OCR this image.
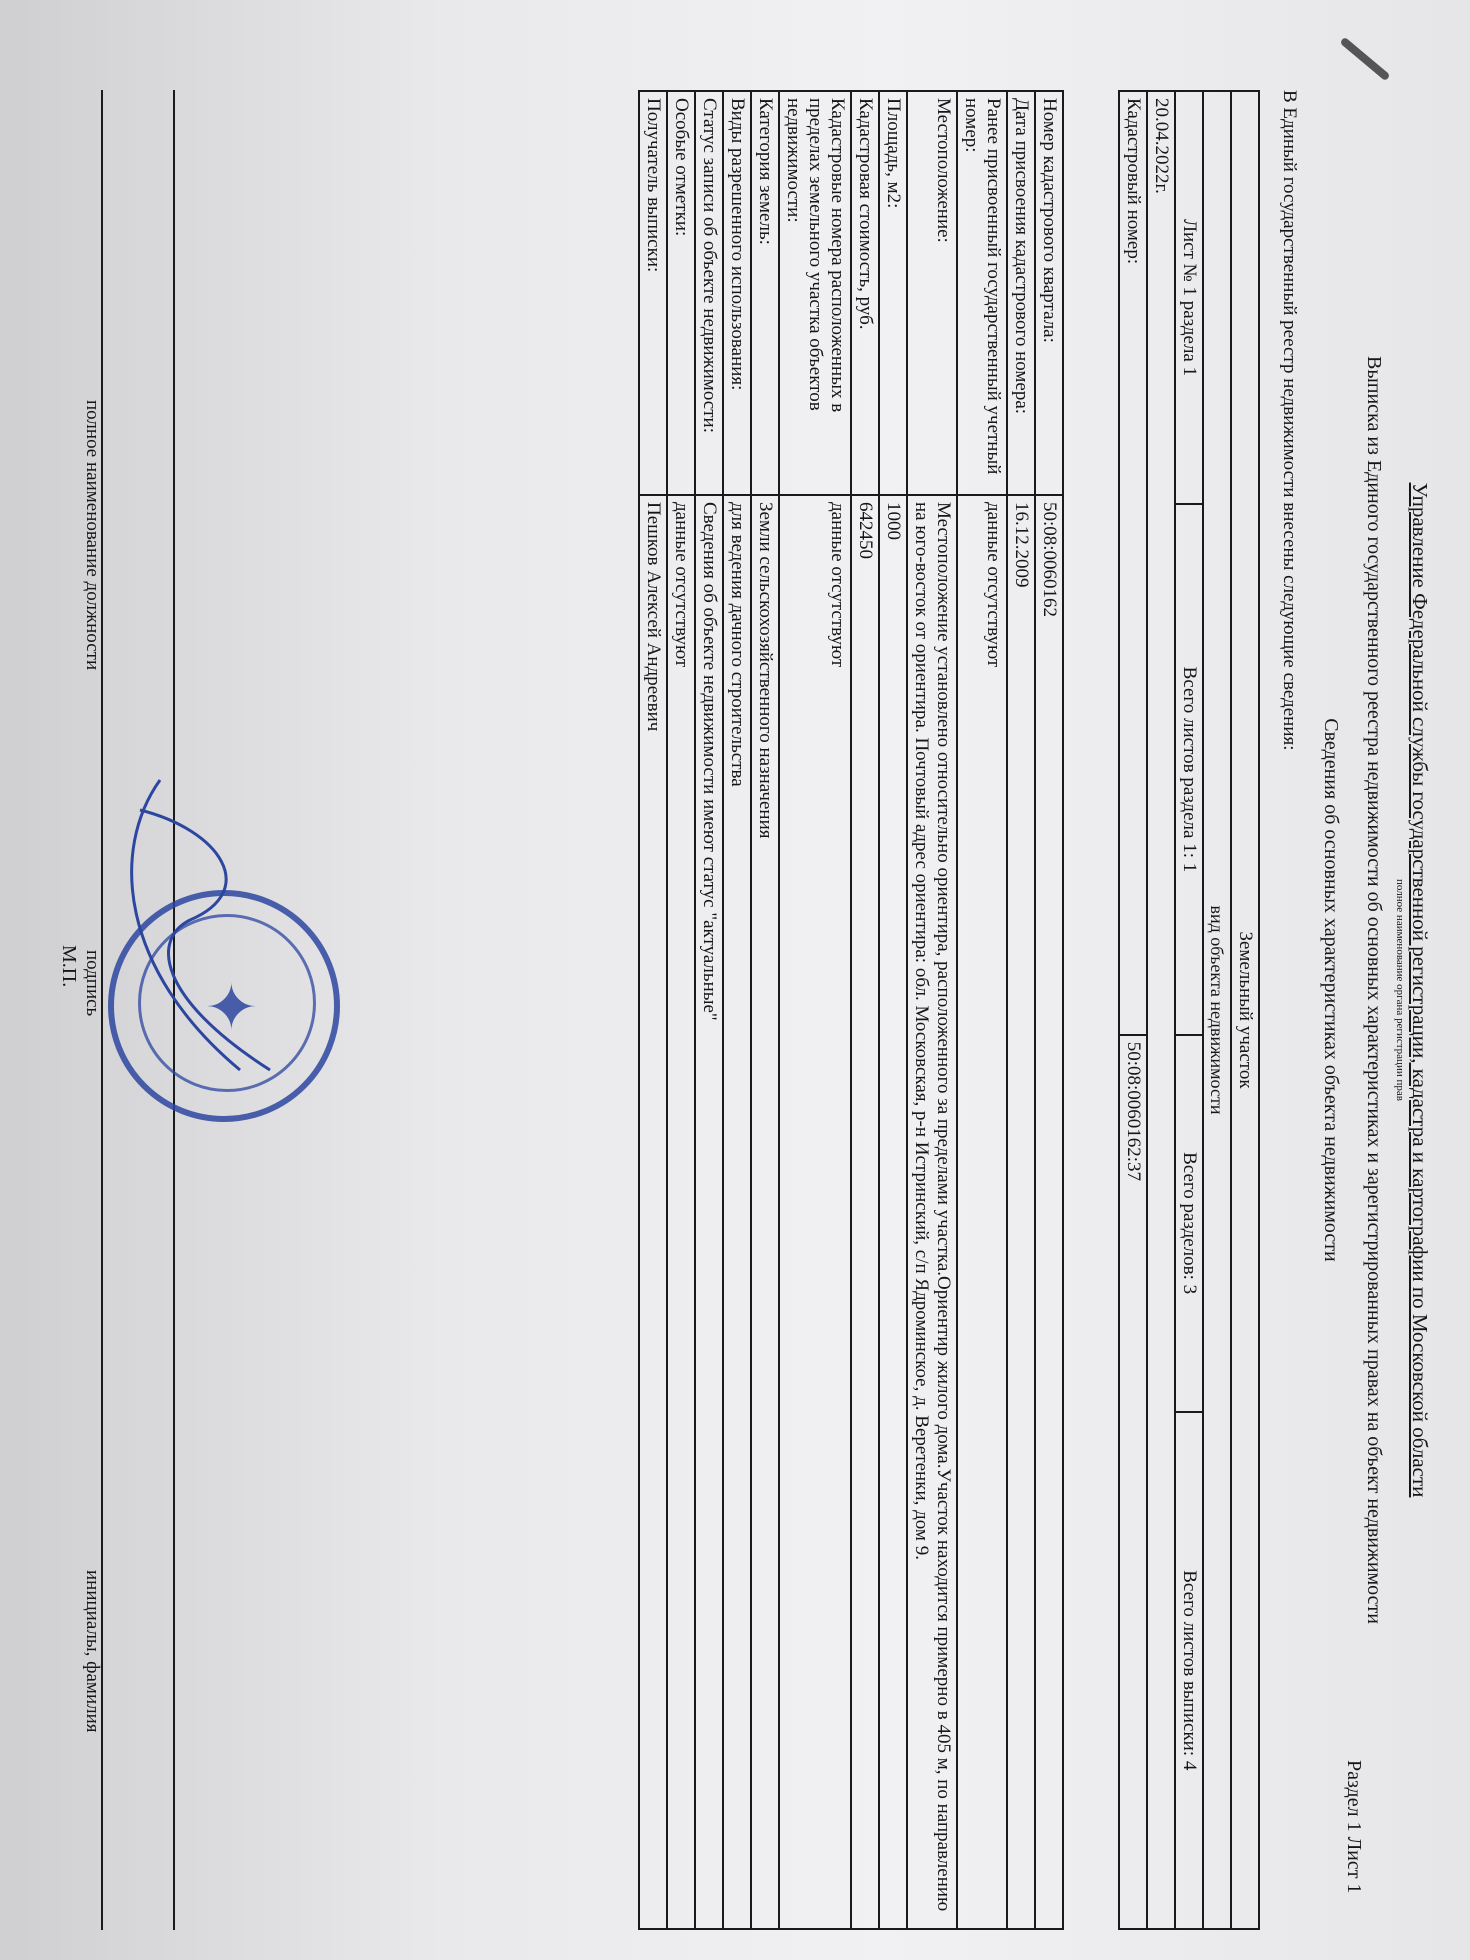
Управление Федеральной службы государственной регистрации, кадастра и картографии по Московской области
полное наименование органа регистрации прав
Выписка из Единого государственного реестра недвижимости об основных характеристиках и зарегистрированных правах на объект недвижимости
Раздел 1 Лист 1
Сведения об основных характеристиках объекта недвижимости
В Единый государственный реестр недвижимости внесены следующие сведения:
Земельный участок			
вид объекта недвижимости			
Лист № 1 раздела 1	Всего листов раздела 1: 1	Всего разделов: 3	Всего листов выписки: 4
20.04.2022г.			
Кадастровый номер:		50:08:0060162:37	
Номер кадастрового квартала:	50:08:0060162
Дата присвоения кадастрового номера:	16.12.2009
Ранее присвоенный государственный учетный номер:	данные отсутствуют
Местоположение:	Местоположение установлено относительно ориентира, расположенного за пределами участка.Ориентир жилого дома.Участок находится примерно в 405 м, по направлению на юго-восток от ориентира. Почтовый адрес ориентира: обл. Московская, р-н Истринский, с/п Ядроминское, д. Веретенки, дом 9.
Площадь, м2:	1000
Кадастровая стоимость, руб.	642450
Кадастровые номера расположенных в пределах земельного участка объектов недвижимости:	данные отсутствуют
Категория земель:	Земли сельскохозяйственного назначения
Виды разрешенного использования:	для ведения дачного строительства
Статус записи об объекте недвижимости:	Сведения об объекте недвижимости имеют статус "актуальные"
Особые отметки:	данные отсутствуют
Получатель выписки:	Пешков Алексей Андреевич
полное наименование должности
подпись
инициалы, фамилия
М.П.
✦
